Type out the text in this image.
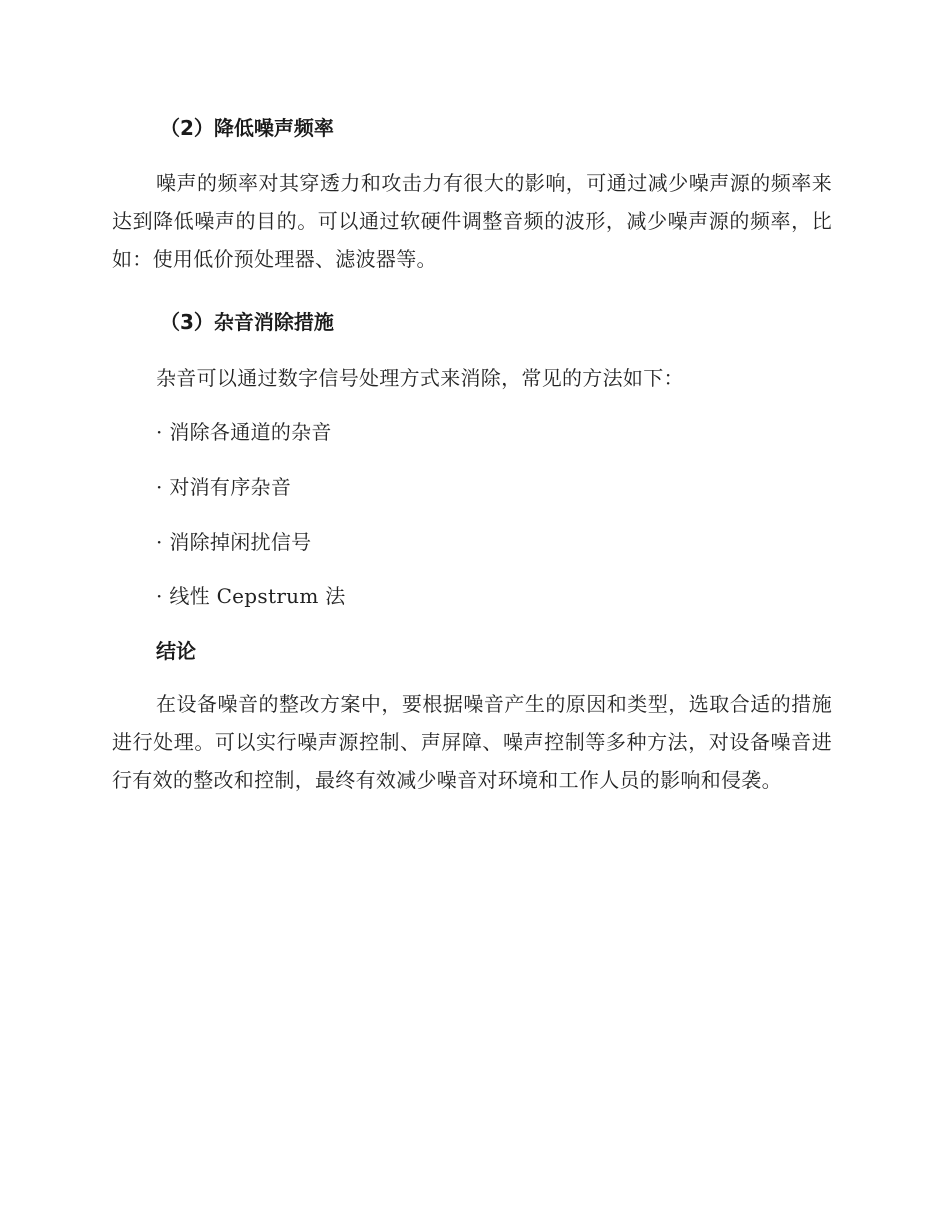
（2）降低噪声频率
噪声的频率对其穿透力和攻击力有很大的影响，可通过减少噪声源的频率来达到降低噪声的目的。可以通过软硬件调整音频的波形，减少噪声源的频率，比如：使用低价预处理器、滤波器等。
（3）杂音消除措施
杂音可以通过数字信号处理方式来消除，常见的方法如下：
· 消除各通道的杂音
· 对消有序杂音
· 消除掉闲扰信号
· 线性 Cepstrum 法
结论
在设备噪音的整改方案中，要根据噪音产生的原因和类型，选取合适的措施进行处理。可以实行噪声源控制、声屏障、噪声控制等多种方法，对设备噪音进行有效的整改和控制，最终有效减少噪音对环境和工作人员的影响和侵袭。
